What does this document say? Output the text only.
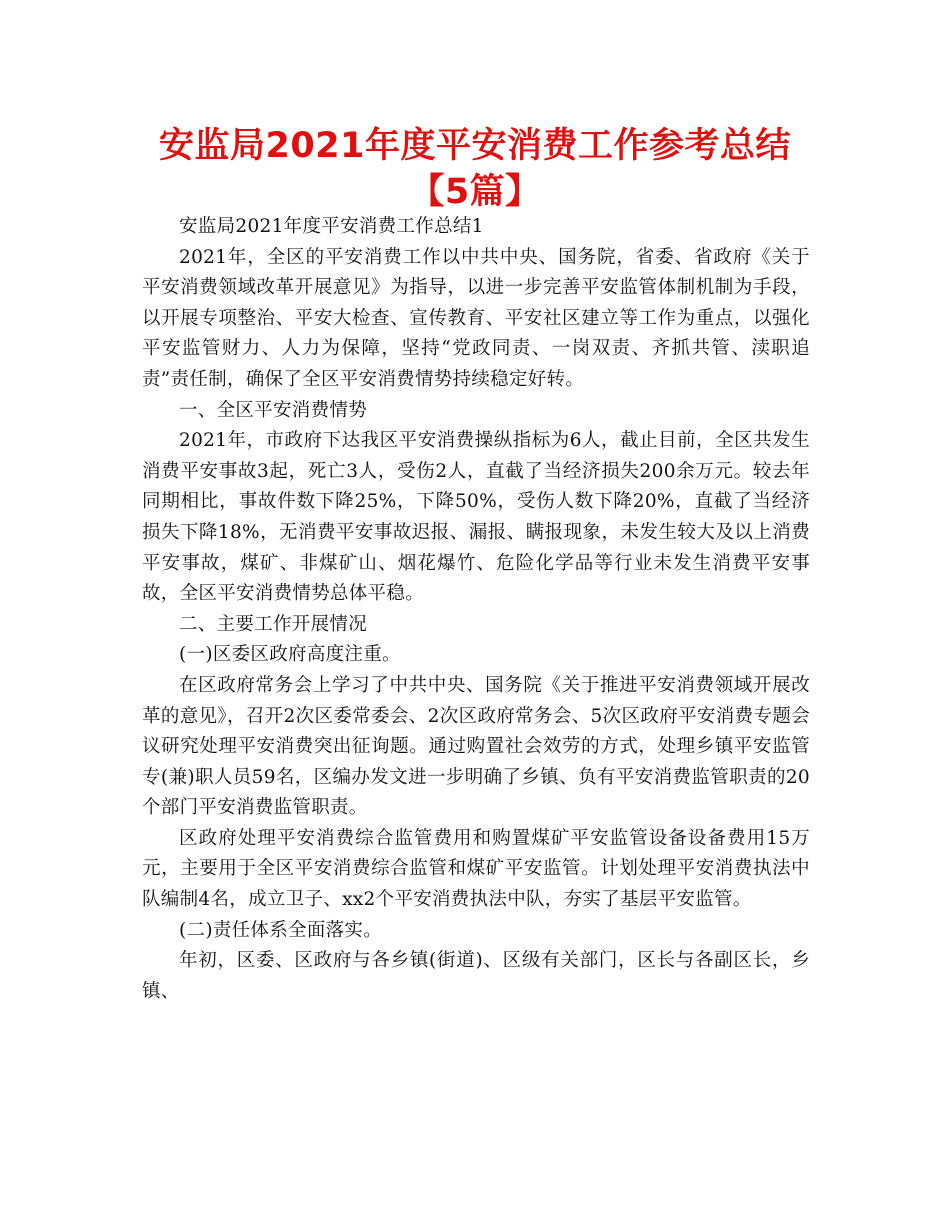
安监局2021年度平安消费工作参考总结【5篇】

安监局2021年度平安消费工作总结1

2021年，全区的平安消费工作以中共中央、国务院，省委、省政府《关于平安消费领域改革开展意见》为指导，以进一步完善平安监管体制机制为手段，以开展专项整治、平安大检查、宣传教育、平安社区建立等工作为重点，以强化平安监管财力、人力为保障，坚持“党政同责、一岗双责、齐抓共管、渎职追责”责任制，确保了全区平安消费情势持续稳定好转。

一、全区平安消费情势

2021年，市政府下达我区平安消费操纵指标为6人，截止目前，全区共发生消费平安事故3起，死亡3人，受伤2人，直截了当经济损失200余万元。较去年同期相比，事故件数下降25%，下降50%，受伤人数下降20%，直截了当经济损失下降18%，无消费平安事故迟报、漏报、瞒报现象，未发生较大及以上消费平安事故，煤矿、非煤矿山、烟花爆竹、危险化学品等行业未发生消费平安事故，全区平安消费情势总体平稳。

二、主要工作开展情况

(一)区委区政府高度注重。

在区政府常务会上学习了中共中央、国务院《关于推进平安消费领域开展改革的意见》，召开2次区委常委会、2次区政府常务会、5次区政府平安消费专题会议研究处理平安消费突出征询题。通过购置社会效劳的方式，处理乡镇平安监管专(兼)职人员59名，区编办发文进一步明确了乡镇、负有平安消费监管职责的20个部门平安消费监管职责。

区政府处理平安消费综合监管费用和购置煤矿平安监管设备设备费用15万元，主要用于全区平安消费综合监管和煤矿平安监管。计划处理平安消费执法中队编制4名，成立卫子、xx2个平安消费执法中队，夯实了基层平安监管。

(二)责任体系全面落实。

年初，区委、区政府与各乡镇(街道)、区级有关部门，区长与各副区长，乡镇、
